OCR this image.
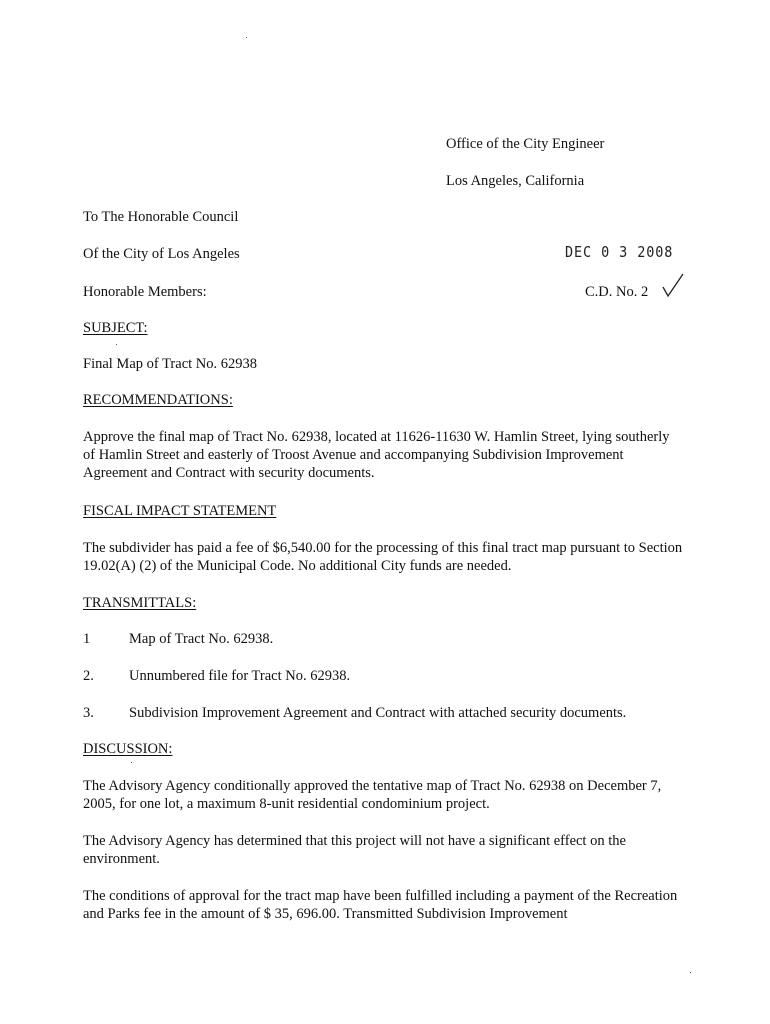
Office of the City Engineer
Los Angeles, California
To The Honorable Council
Of the City of Los Angeles
Honorable Members:
DEC 0 3 2008
C.D. No. 2
SUBJECT:
Final Map of Tract No. 62938
RECOMMENDATIONS:
Approve the final map of Tract No. 62938, located at 11626-11630 W. Hamlin Street, lying southerly of Hamlin Street and easterly of Troost Avenue and accompanying Subdivision Improvement Agreement and Contract with security documents.
FISCAL IMPACT STATEMENT
The subdivider has paid a fee of $6,540.00 for the processing of this final tract map pursuant to Section 19.02(A) (2) of the Municipal Code. No additional City funds are needed.
TRANSMITTALS:
1	Map of Tract No. 62938.
2. Unnumbered file for Tract No. 62938.
3. Subdivision Improvement Agreement and Contract with attached security documents.
DISCUSSION:
The Advisory Agency conditionally approved the tentative map of Tract No. 62938 on December 7, 2005, for one lot, a maximum 8-unit residential condominium project.
The Advisory Agency has determined that this project will not have a significant effect on the environment.
The conditions of approval for the tract map have been fulfilled including a payment of the Recreation and Parks fee in the amount of $ 35, 696.00. Transmitted Subdivision Improvement
